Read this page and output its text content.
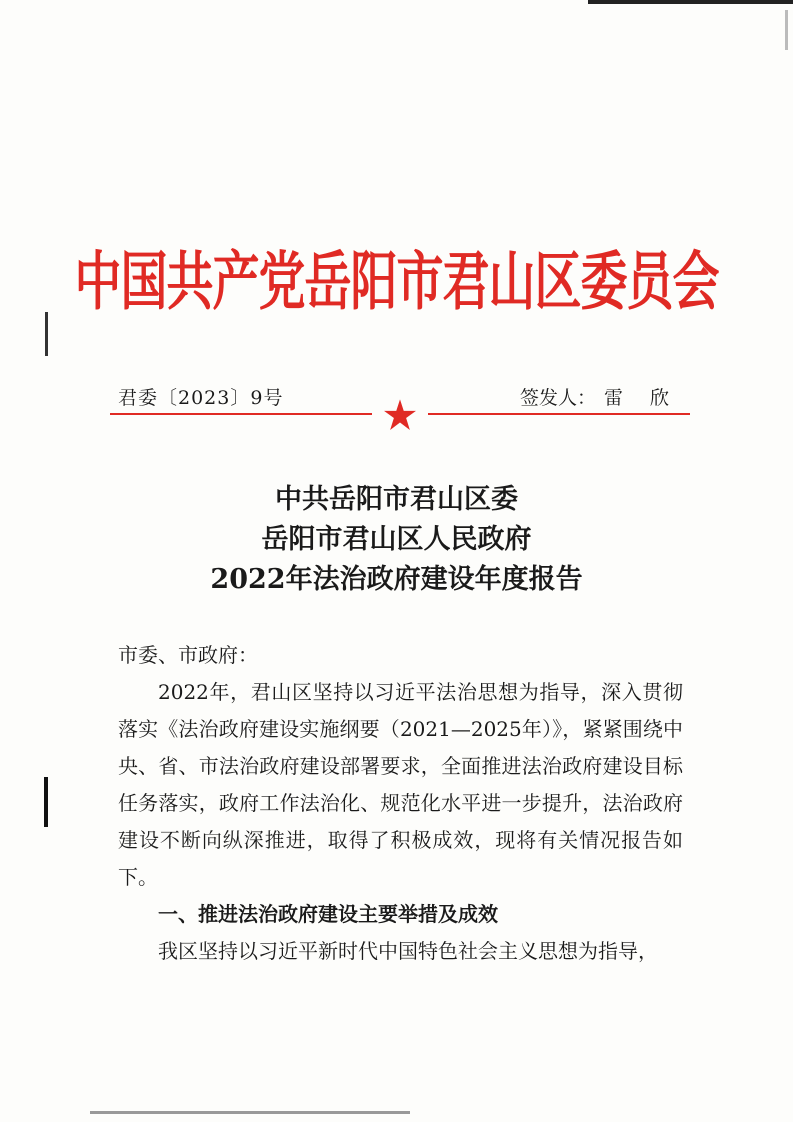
中国共产党岳阳市君山区委员会
君委〔2023〕9号	签发人： 雷　欣
中共岳阳市君山区委
岳阳市君山区人民政府
2022年法治政府建设年度报告

市委、市政府：

2022年，君山区坚持以习近平法治思想为指导，深入贯彻落实《法治政府建设实施纲要（2021—2025年）》，紧紧围绕中央、省、市法治政府建设部署要求，全面推进法治政府建设目标任务落实，政府工作法治化、规范化水平进一步提升，法治政府建设不断向纵深推进，取得了积极成效，现将有关情况报告如下。

一、推进法治政府建设主要举措及成效

我区坚持以习近平新时代中国特色社会主义思想为指导，
